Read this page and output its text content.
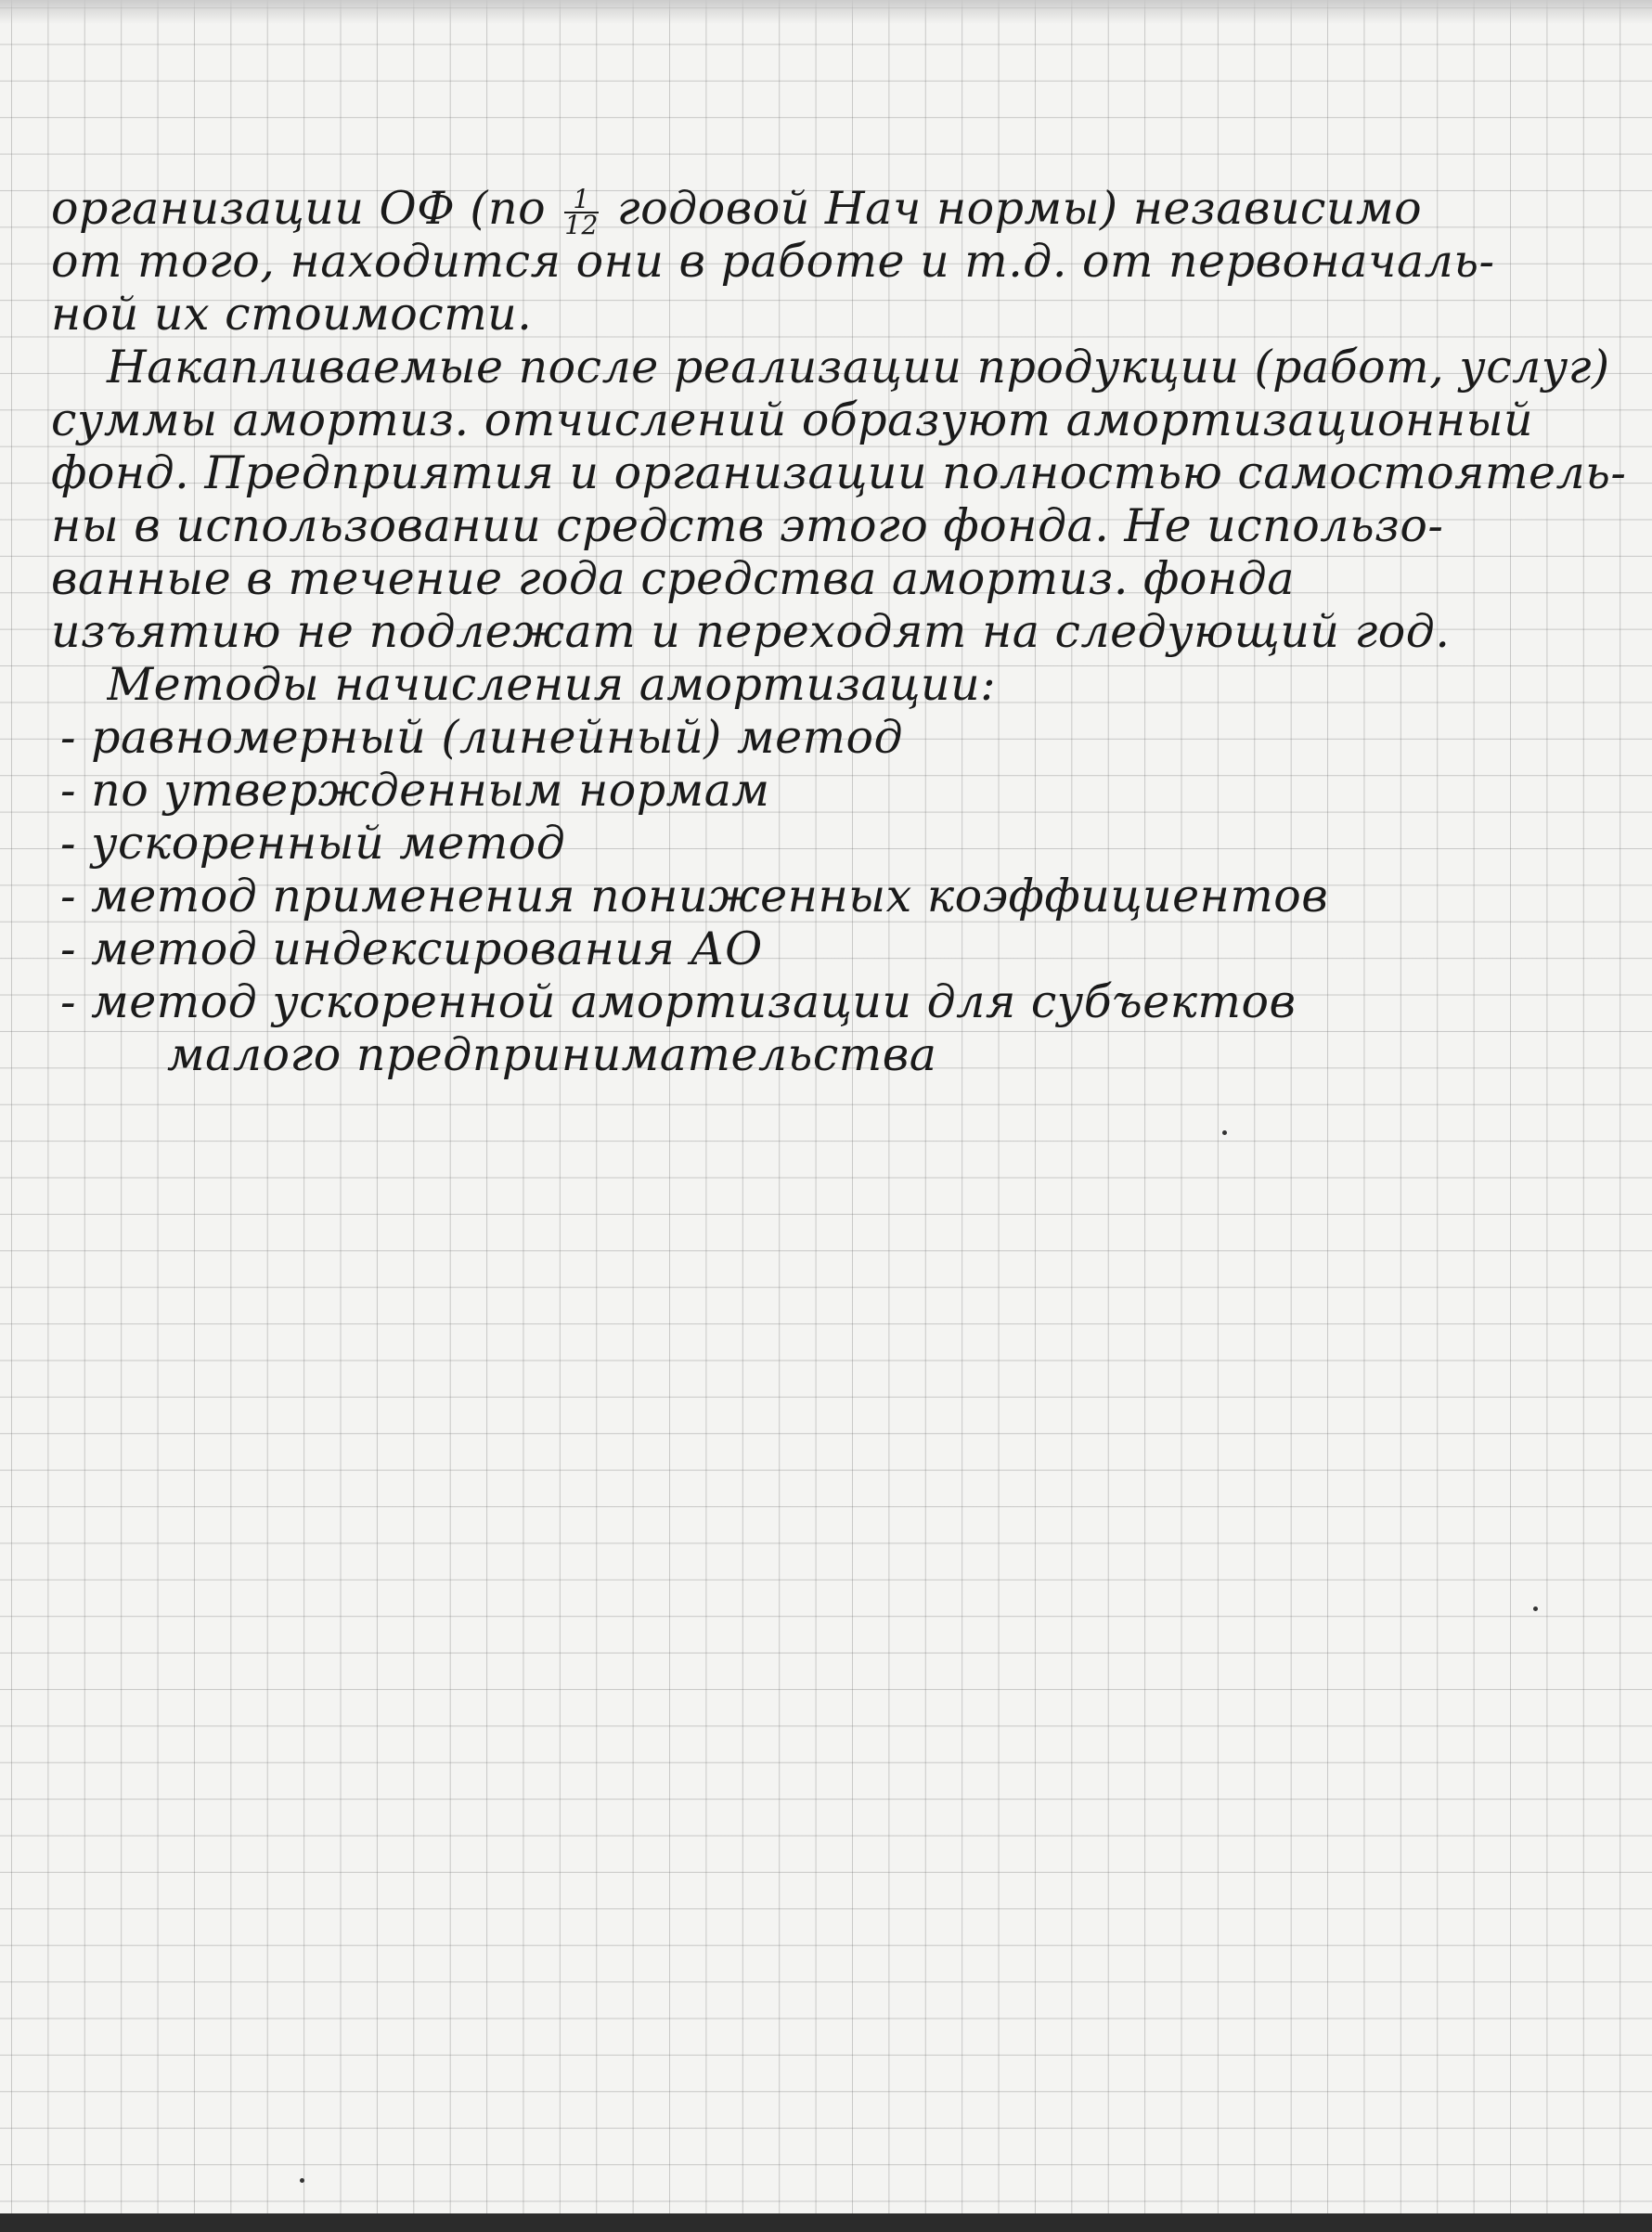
организации ОФ ($по \frac{1}{12}$ годовой Нач нормы) независимо
от того, находится они в работе и т.д. от первоначаль-
ной их стоимости.
Накапливаемые после реализации продукции (работ, услуг)
суммы амортиз. отчислений образуют амортизационный
фонд. Предприятия и организации полностью самостоятель-
ны в использовании средств этого фонда. Не использо-
ванные в течение года средства амортиз. фонда
изъятию не подлежат и переходят на следующий год.
Методы начисления амортизации:
- равномерный (линейный) метод
- по утвержденным нормам
- ускоренный метод
- метод применения пониженных коэффициентов
- метод индексирования АО
- метод ускоренной амортизации для субъектов
малого предпринимательства
